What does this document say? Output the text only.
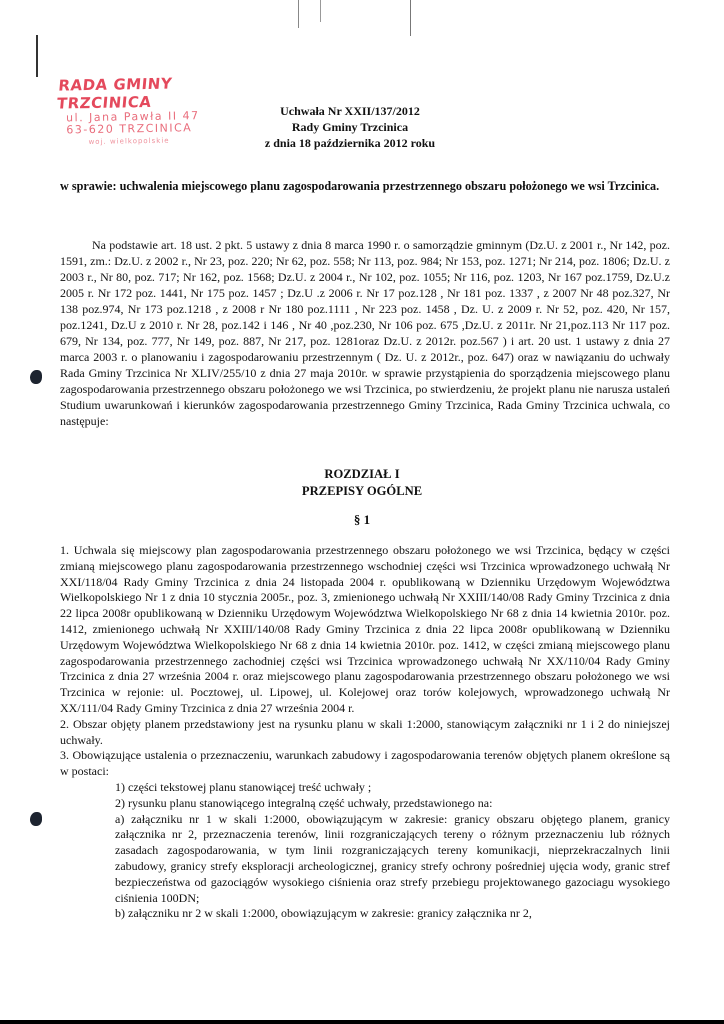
RADA GMINY TRZCINICA
ul. Jana Pawła II 47
63-620 TRZCINICA
woj. wielkopolskie
Uchwała Nr XXII/137/2012
Rady Gminy Trzcinica
z dnia 18 października 2012 roku
w sprawie: uchwalenia miejscowego planu zagospodarowania przestrzennego obszaru położonego we wsi Trzcinica.
Na podstawie art. 18 ust. 2 pkt. 5 ustawy z dnia 8 marca 1990 r. o samorządzie gminnym (Dz.U. z 2001 r., Nr 142, poz. 1591, zm.: Dz.U. z 2002 r., Nr 23, poz. 220; Nr 62, poz. 558; Nr 113, poz. 984; Nr 153, poz. 1271; Nr 214, poz. 1806; Dz.U. z 2003 r., Nr 80, poz. 717; Nr 162, poz. 1568; Dz.U. z 2004 r., Nr 102, poz. 1055; Nr 116, poz. 1203, Nr 167 poz.1759, Dz.U.z 2005 r. Nr 172 poz. 1441, Nr 175 poz. 1457 ; Dz.U .z 2006 r. Nr 17 poz.128 , Nr 181 poz. 1337 , z 2007 Nr 48 poz.327, Nr 138 poz.974, Nr 173 poz.1218 , z 2008 r Nr 180 poz.1111 , Nr 223 poz. 1458 , Dz. U. z 2009 r. Nr 52, poz. 420, Nr 157, poz.1241, Dz.U z 2010 r. Nr 28, poz.142 i 146 , Nr 40 ,poz.230, Nr 106 poz. 675 ,Dz.U. z 2011r. Nr 21,poz.113 Nr 117 poz. 679, Nr 134, poz. 777, Nr 149, poz. 887, Nr 217, poz. 1281oraz Dz.U. z 2012r. poz.567 ) i art. 20 ust. 1 ustawy z dnia 27 marca 2003 r. o planowaniu i zagospodarowaniu przestrzennym ( Dz. U. z 2012r., poz. 647) oraz w nawiązaniu do uchwały Rada Gminy Trzcinica Nr XLIV/255/10 z dnia 27 maja 2010r. w sprawie przystąpienia do sporządzenia miejscowego planu zagospodarowania przestrzennego obszaru położonego we wsi Trzcinica, po stwierdzeniu, że projekt planu nie narusza ustaleń Studium uwarunkowań i kierunków zagospodarowania przestrzennego Gminy Trzcinica, Rada Gminy Trzcinica uchwala, co następuje:
ROZDZIAŁ I
PRZEPISY OGÓLNE
§ 1

1. Uchwala się miejscowy plan zagospodarowania przestrzennego obszaru położonego we wsi Trzcinica, będący w części zmianą miejscowego planu zagospodarowania przestrzennego wschodniej części wsi Trzcinica wprowadzonego uchwałą Nr XXI/118/04 Rady Gminy Trzcinica z dnia 24 listopada 2004 r. opublikowaną w Dzienniku Urzędowym Województwa Wielkopolskiego Nr 1 z dnia 10 stycznia 2005r., poz. 3, zmienionego uchwałą Nr XXIII/140/08 Rady Gminy Trzcinica z dnia 22 lipca 2008r opublikowaną w Dzienniku Urzędowym Województwa Wielkopolskiego Nr 68 z dnia 14 kwietnia 2010r. poz. 1412, zmienionego uchwałą Nr XXIII/140/08 Rady Gminy Trzcinica z dnia 22 lipca 2008r opublikowaną w Dzienniku Urzędowym Województwa Wielkopolskiego Nr 68 z dnia 14 kwietnia 2010r. poz. 1412, w części zmianą miejscowego planu zagospodarowania przestrzennego zachodniej części wsi Trzcinica wprowadzonego uchwałą Nr XX/110/04 Rady Gminy Trzcinica z dnia 27 września 2004 r. oraz miejscowego planu zagospodarowania przestrzennego obszaru położonego we wsi Trzcinica w rejonie: ul. Pocztowej, ul. Lipowej, ul. Kolejowej oraz torów kolejowych, wprowadzonego uchwałą Nr XX/111/04 Rady Gminy Trzcinica z dnia 27 września 2004 r.

2. Obszar objęty planem przedstawiony jest na rysunku planu w skali 1:2000, stanowiącym załączniki nr 1 i 2 do niniejszej uchwały.

3. Obowiązujące ustalenia o przeznaczeniu, warunkach zabudowy i zagospodarowania terenów objętych planem określone są w postaci:

1) części tekstowej planu stanowiącej treść uchwały ;

2) rysunku planu stanowiącego integralną część uchwały, przedstawionego na:

a) załączniku nr 1 w skali 1:2000, obowiązującym w zakresie: granicy obszaru objętego planem, granicy załącznika nr 2, przeznaczenia terenów, linii rozgraniczających tereny o różnym przeznaczeniu lub różnych zasadach zagospodarowania, w tym linii rozgraniczających tereny komunikacji, nieprzekraczalnych linii zabudowy, granicy strefy eksploracji archeologicznej, granicy strefy ochrony pośredniej ujęcia wody, granic stref bezpieczeństwa od gazociągów wysokiego ciśnienia oraz strefy przebiegu projektowanego gazociagu wysokiego ciśnienia 100DN;

b) załączniku nr 2 w skali 1:2000, obowiązującym w zakresie: granicy załącznika nr 2,
